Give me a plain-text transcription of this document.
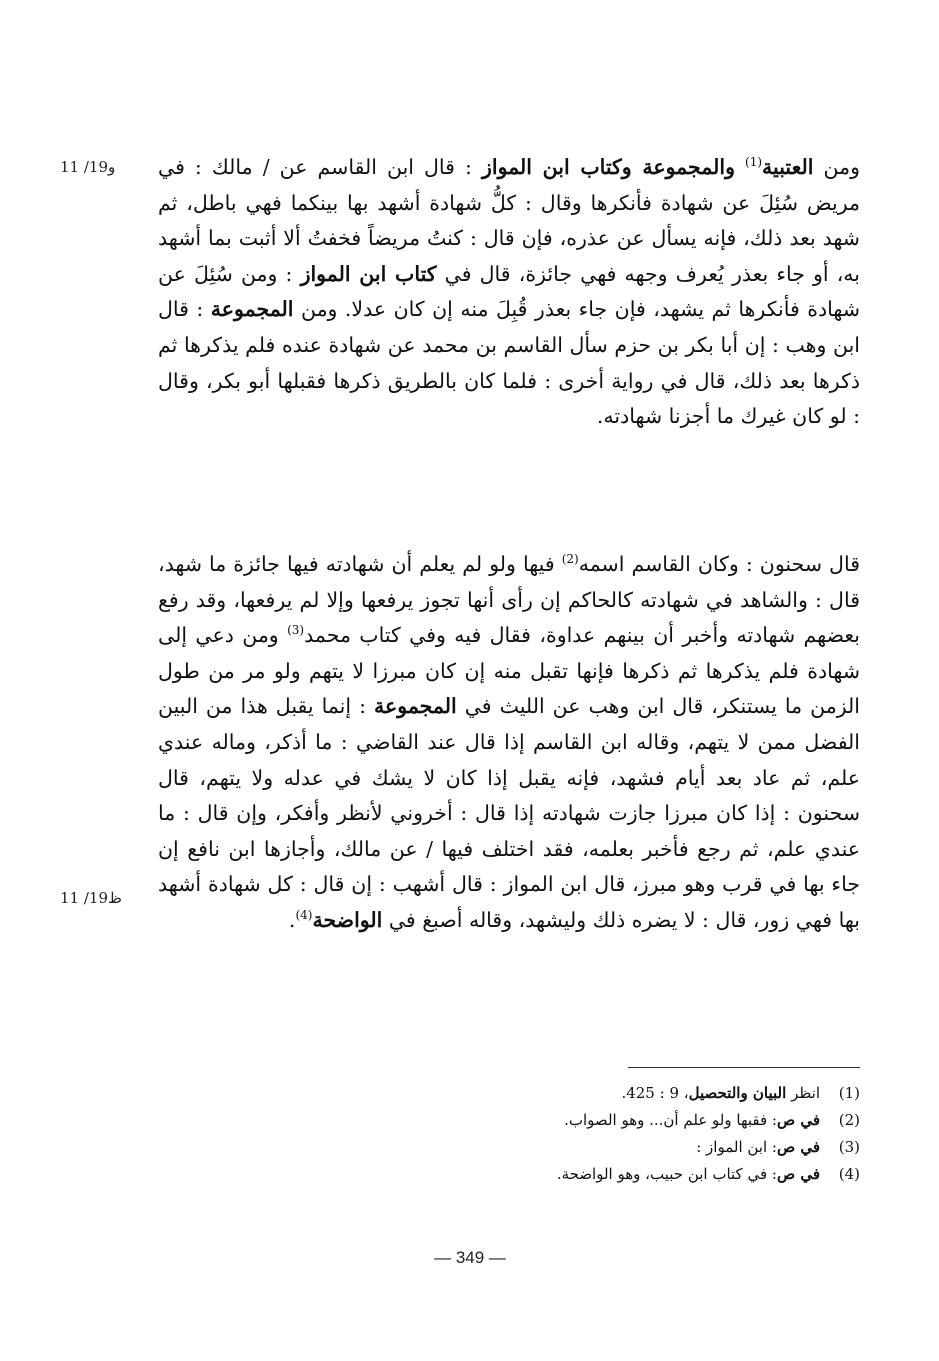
11 /19و
11 /19ظ

ومن العتبية$^{(1)}$ والمجموعة وكتاب ابن المواز : قال ابن القاسم عن / مالك : في مريض سُئِلَ عن شهادة فأنكرها وقال : كلُّ شهادة أشهد بها بينكما فهي باطل، ثم شهد بعد ذلك، فإنه يسأل عن عذره، فإن قال : كنتُ مريضاً فخفتُ ألا أثبت بما أشهد به، أو جاء بعذر يُعرف وجهه فهي جائزة، قال في كتاب ابن المواز : ومن سُئِلَ عن شهادة فأنكرها ثم يشهد، فإن جاء بعذر قُبِلَ منه إن كان عدلا. ومن المجموعة : قال ابن وهب : إن أبا بكر بن حزم سأل القاسم بن محمد عن شهادة عنده فلم يذكرها ثم ذكرها بعد ذلك، قال في رواية أخرى : فلما كان بالطريق ذكرها فقبلها أبو بكر، وقال : لو كان غيرك ما أجزنا شهادته.

قال سحنون : وكان القاسم اسمه$^{(2)}$ فيها ولو لم يعلم أن شهادته فيها جائزة ما شهد، قال : والشاهد في شهادته كالحاكم إن رأى أنها تجوز يرفعها وإلا لم يرفعها، وقد رفع بعضهم شهادته وأخبر أن بينهم عداوة، فقال فيه وفي كتاب محمد$^{(3)}$ ومن دعي إلى شهادة فلم يذكرها ثم ذكرها فإنها تقبل منه إن كان مبرزا لا يتهم ولو مر من طول الزمن ما يستنكر، قال ابن وهب عن الليث في المجموعة : إنما يقبل هذا من البين الفضل ممن لا يتهم، وقاله ابن القاسم إذا قال عند القاضي : ما أذكر، وماله عندي علم، ثم عاد بعد أيام فشهد، فإنه يقبل إذا كان لا يشك في عدله ولا يتهم، قال سحنون : إذا كان مبرزا جازت شهادته إذا قال : أخروني لأنظر وأفكر، وإن قال : ما عندي علم، ثم رجع فأخبر بعلمه، فقد اختلف فيها / عن مالك، وأجازها ابن نافع إن جاء بها في قرب وهو مبرز، قال ابن المواز : قال أشهب : إن قال : كل شهادة أشهد بها فهي زور، قال : لا يضره ذلك وليشهد، وقاله أصبغ في الواضحة$^{(4)}$.

(1)
انظر البيان والتحصيل، 9 : 425.
(2)
في ص: فقبها ولو علم أن... وهو الصواب.
(3)
في ص: ابن المواز :
(4)
في ص: في كتاب ابن حبيب، وهو الواضحة.
— 349 —
